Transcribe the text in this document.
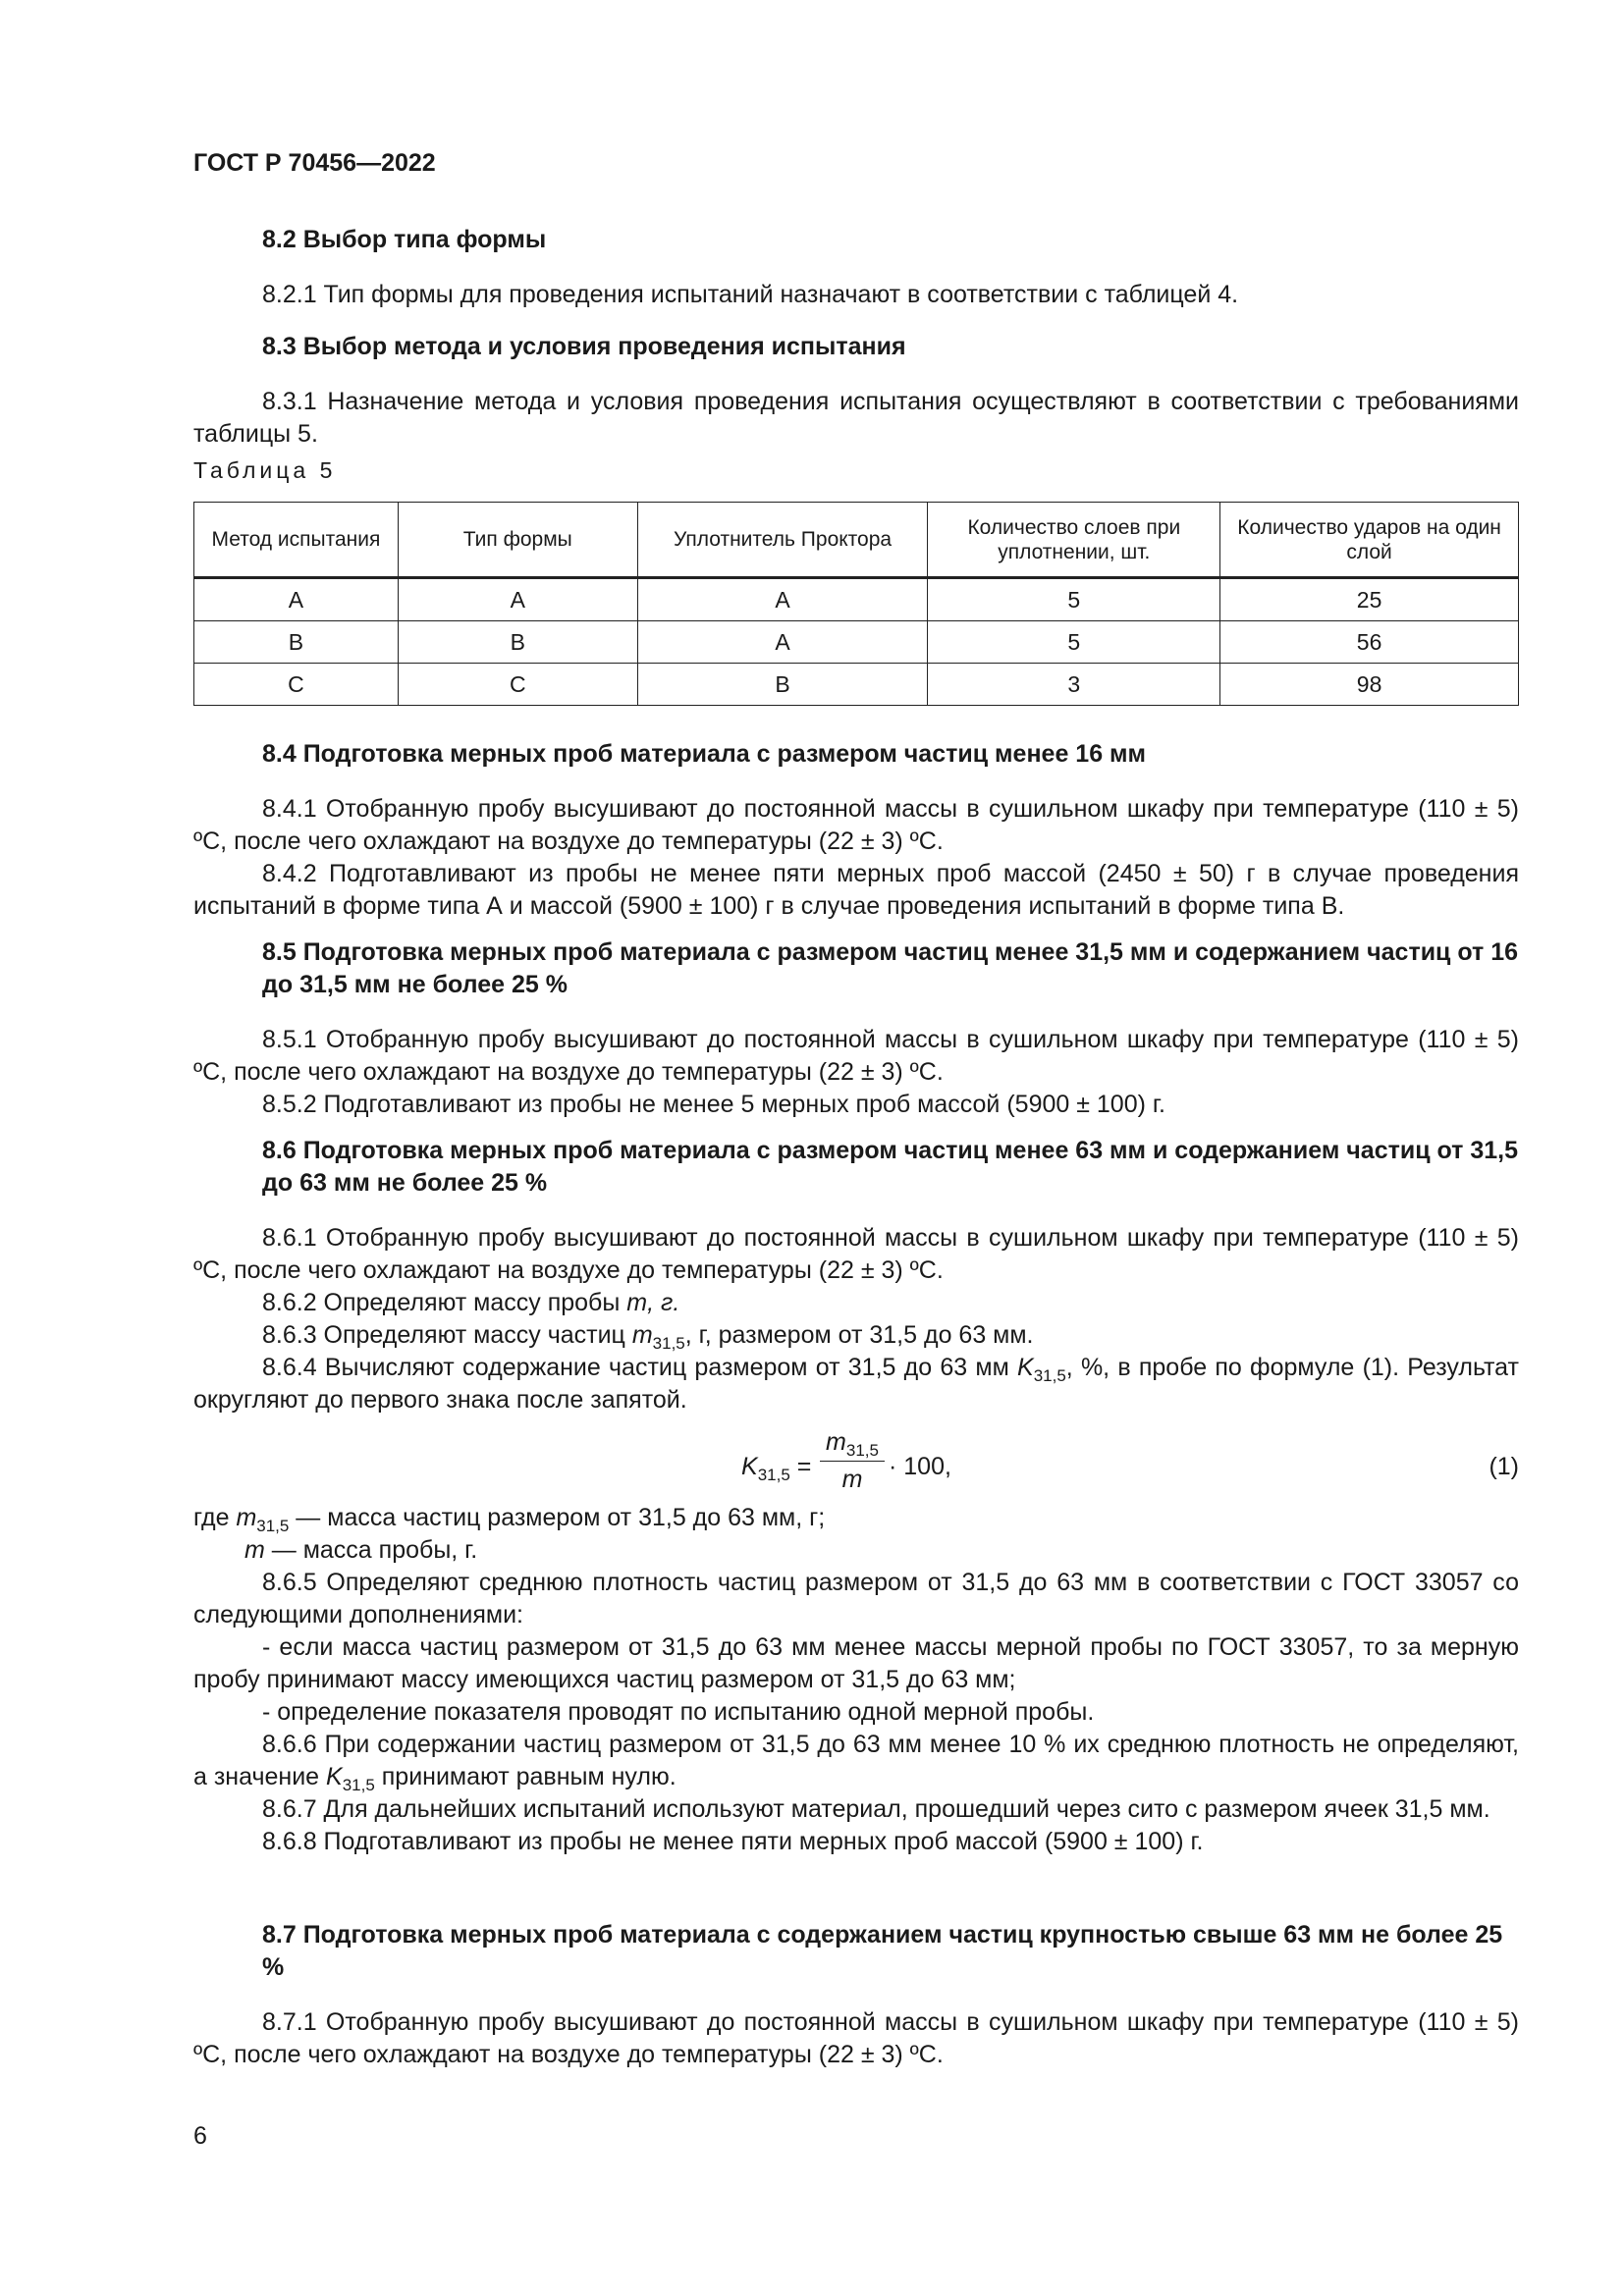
ГОСТ Р 70456—2022

8.2 Выбор типа формы

8.2.1 Тип формы для проведения испытаний назначают в соответствии с таблицей 4.

8.3 Выбор метода и условия проведения испытания

8.3.1 Назначение метода и условия проведения испытания осуществляют в соответствии с требованиями таблицы 5.

Таблица 5
Метод испытания	Тип формы	Уплотнитель Проктора	Количество слоев при уплотнении, шт.	Количество ударов на один слой
А	А	А	5	25
В	В	А	5	56
С	С	В	3	98

8.4 Подготовка мерных проб материала с размером частиц менее 16 мм

8.4.1 Отобранную пробу высушивают до постоянной массы в сушильном шкафу при температуре (110 ± 5) ºС, после чего охлаждают на воздухе до температуры (22 ± 3) ºС.

8.4.2 Подготавливают из пробы не менее пяти мерных проб массой (2450 ± 50) г в случае проведения испытаний в форме типа А и массой (5900 ± 100) г в случае проведения испытаний в форме типа В.

8.5 Подготовка мерных проб материала с размером частиц менее 31,5 мм и содержанием частиц от 16 до 31,5 мм не более 25 %

8.5.1 Отобранную пробу высушивают до постоянной массы в сушильном шкафу при температуре (110 ± 5) ºС, после чего охлаждают на воздухе до температуры (22 ± 3) ºС.

8.5.2 Подготавливают из пробы не менее 5 мерных проб массой (5900 ± 100) г.

8.6 Подготовка мерных проб материала с размером частиц менее 63 мм и содержанием частиц от 31,5 до 63 мм не более 25 %

8.6.1 Отобранную пробу высушивают до постоянной массы в сушильном шкафу при температуре (110 ± 5) ºС, после чего охлаждают на воздухе до температуры (22 ± 3) ºС.

8.6.2 Определяют массу пробы m, г.

8.6.3 Определяют массу частиц $m_{31,5}$, г, размером от 31,5 до 63 мм.

8.6.4 Вычисляют содержание частиц размером от 31,5 до 63 мм $K_{31,5}$, %, в пробе по формуле (1). Результат округляют до первого знака после запятой.

$K_{31,5} = \frac{m_{31,5}}{m} \cdot 100$,	(1)

где $m_{31,5}$ — масса частиц размером от 31,5 до 63 мм, г;

m — масса пробы, г.

8.6.5 Определяют среднюю плотность частиц размером от 31,5 до 63 мм в соответствии с ГОСТ 33057 со следующими дополнениями:

- если масса частиц размером от 31,5 до 63 мм менее массы мерной пробы по ГОСТ 33057, то за мерную пробу принимают массу имеющихся частиц размером от 31,5 до 63 мм;

- определение показателя проводят по испытанию одной мерной пробы.

8.6.6 При содержании частиц размером от 31,5 до 63 мм менее 10 % их среднюю плотность не определяют, а значение $K_{31,5}$ принимают равным нулю.

8.6.7 Для дальнейших испытаний используют материал, прошедший через сито с размером ячеек 31,5 мм.

8.6.8 Подготавливают из пробы не менее пяти мерных проб массой (5900 ± 100) г.

8.7 Подготовка мерных проб материала с содержанием частиц крупностью свыше 63 мм не более 25 %

8.7.1 Отобранную пробу высушивают до постоянной массы в сушильном шкафу при температуре (110 ± 5) ºС, после чего охлаждают на воздухе до температуры (22 ± 3) ºС.

6
